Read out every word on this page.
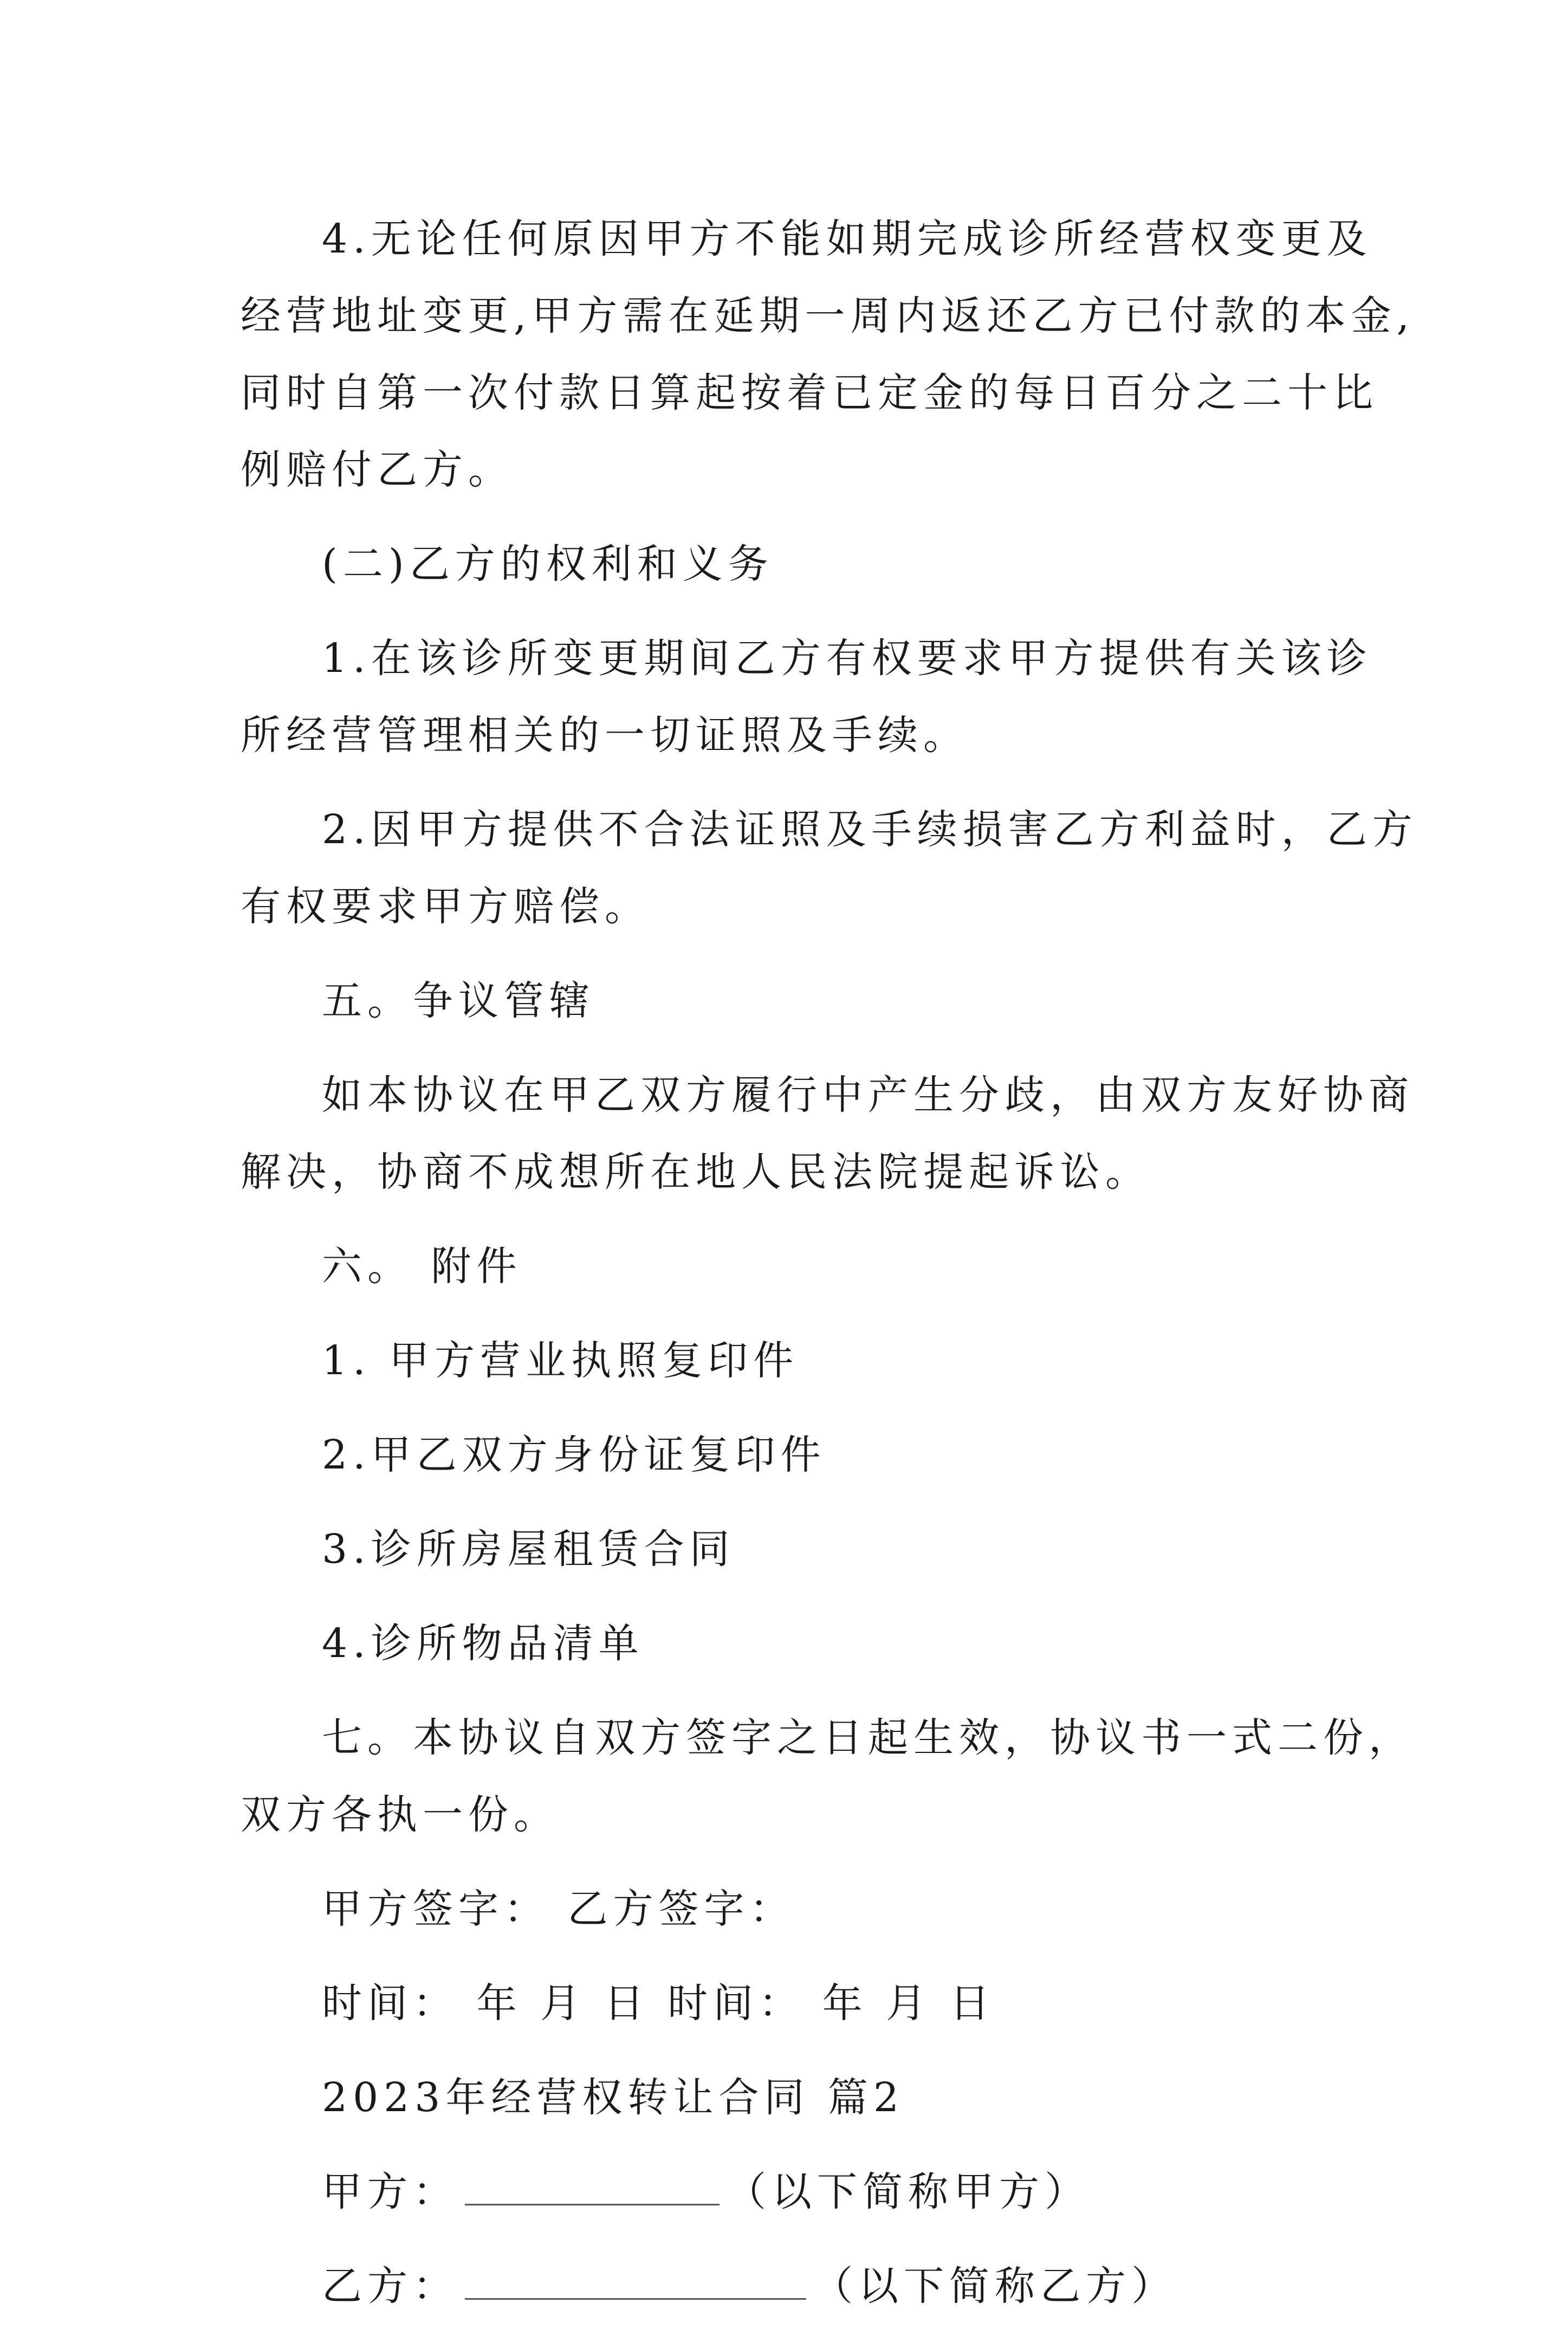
4.无论任何原因甲方不能如期完成诊所经营权变更及
经营地址变更,甲方需在延期一周内返还乙方已付款的本金,
同时自第一次付款日算起按着已定金的每日百分之二十比
例赔付乙方。

(二)乙方的权利和义务

1.在该诊所变更期间乙方有权要求甲方提供有关该诊
所经营管理相关的一切证照及手续。

2.因甲方提供不合法证照及手续损害乙方利益时，乙方
有权要求甲方赔偿。

五。争议管辖

如本协议在甲乙双方履行中产生分歧，由双方友好协商
解决，协商不成想所在地人民法院提起诉讼。

六。 附件

1. 甲方营业执照复印件

2.甲乙双方身份证复印件

3.诊所房屋租赁合同

4.诊所物品清单

七。本协议自双方签字之日起生效，协议书一式二份，
双方各执一份。

甲方签字： 乙方签字：

时间： 年 月 日 时间： 年 月 日

2023年经营权转让合同 篇2

甲方：	（以下简称甲方）

乙方：	（以下简称乙方）
